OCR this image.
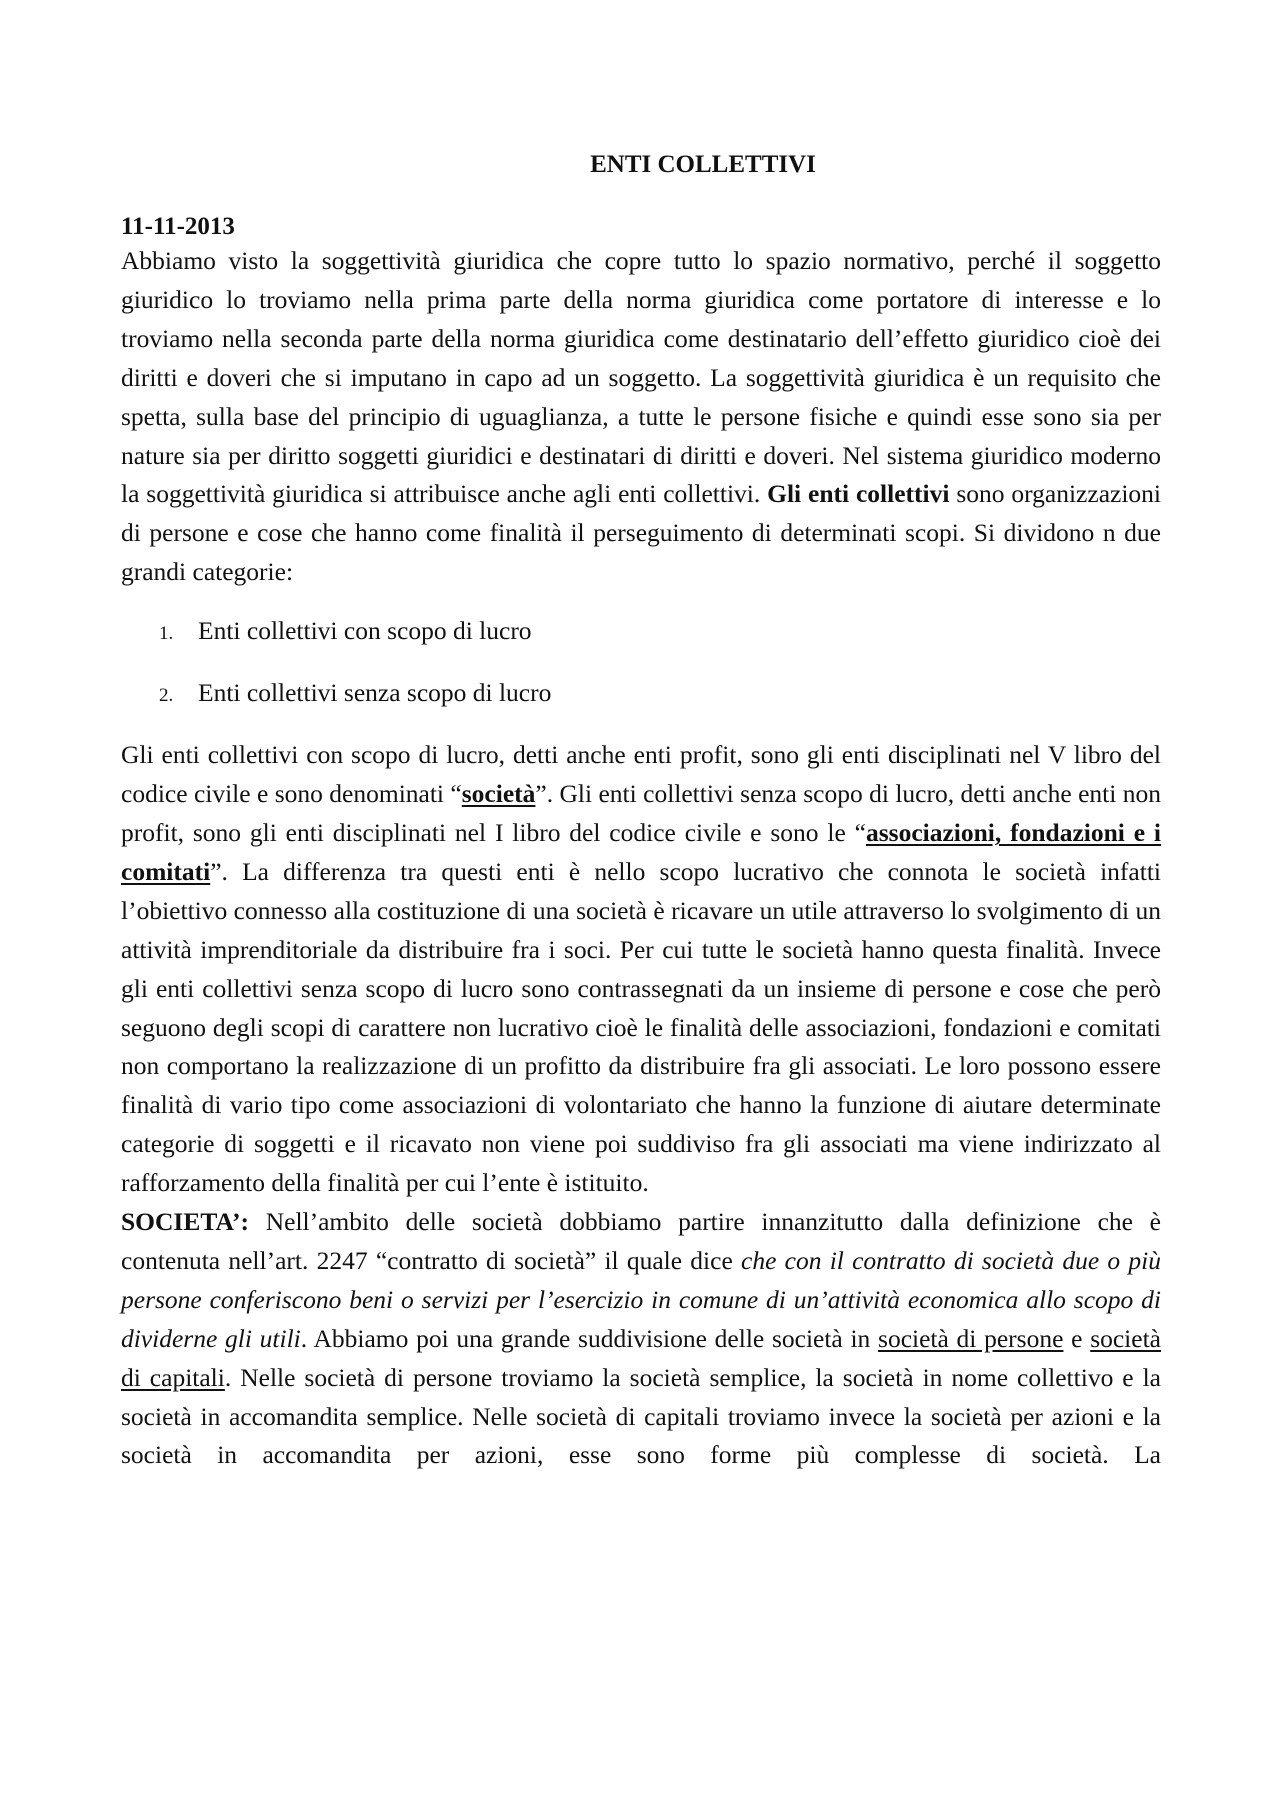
ENTI COLLETTIVI
11-11-2013

Abbiamo visto la soggettività giuridica che copre tutto lo spazio normativo, perché il soggetto giuridico lo troviamo nella prima parte della norma giuridica come portatore di interesse e lo troviamo nella seconda parte della norma giuridica come destinatario dell’effetto giuridico cioè dei diritti e doveri che si imputano in capo ad un soggetto. La soggettività giuridica è un requisito che spetta, sulla base del principio di uguaglianza, a tutte le persone fisiche e quindi esse sono sia per nature sia per diritto soggetti giuridici e destinatari di diritti e doveri. Nel sistema giuridico moderno la soggettività giuridica si attribuisce anche agli enti collettivi. Gli enti collettivi sono organizzazioni di persone e cose che hanno come finalità il perseguimento di determinati scopi. Si dividono n due grandi categorie:

1. Enti collettivi con scopo di lucro
2. Enti collettivi senza scopo di lucro

Gli enti collettivi con scopo di lucro, detti anche enti profit, sono gli enti disciplinati nel V libro del codice civile e sono denominati “società”. Gli enti collettivi senza scopo di lucro, detti anche enti non profit, sono gli enti disciplinati nel I libro del codice civile e sono le “associazioni, fondazioni e i comitati”. La differenza tra questi enti è nello scopo lucrativo che connota le società infatti l’obiettivo connesso alla costituzione di una società è ricavare un utile attraverso lo svolgimento di un attività imprenditoriale da distribuire fra i soci. Per cui tutte le società hanno questa finalità. Invece gli enti collettivi senza scopo di lucro sono contrassegnati da un insieme di persone e cose che però seguono degli scopi di carattere non lucrativo cioè le finalità delle associazioni, fondazioni e comitati non comportano la realizzazione di un profitto da distribuire fra gli associati. Le loro possono essere finalità di vario tipo come associazioni di volontariato che hanno la funzione di aiutare determinate categorie di soggetti e il ricavato non viene poi suddiviso fra gli associati ma viene indirizzato al rafforzamento della finalità per cui l’ente è istituito.

SOCIETA’: Nell’ambito delle società dobbiamo partire innanzitutto dalla definizione che è contenuta nell’art. 2247 “contratto di società” il quale dice che con il contratto di società due o più persone conferiscono beni o servizi per l’esercizio in comune di un’attività economica allo scopo di dividerne gli utili. Abbiamo poi una grande suddivisione delle società in società di persone e società di capitali. Nelle società di persone troviamo la società semplice, la società in nome collettivo e la società in accomandita semplice. Nelle società di capitali troviamo invece la società per azioni e la società in accomandita per azioni, esse sono forme più complesse di società. La
